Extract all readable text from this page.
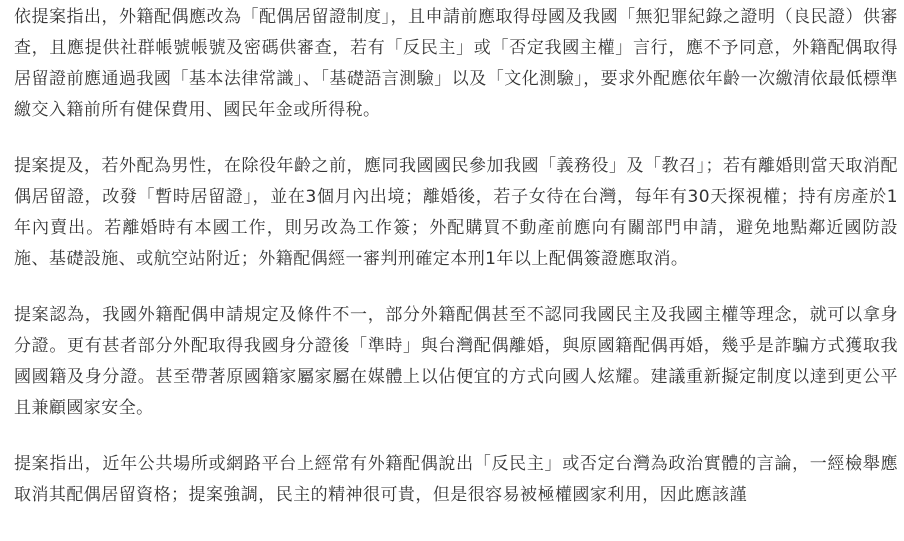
依提案指出，外籍配偶應改為「配偶居留證制度」，且申請前應取得母國及我國「無犯罪紀錄之證明（良民證）供審查，且應提供社群帳號帳號及密碼供審查，若有「反民主」或「否定我國主權」言行，應不予同意，外籍配偶取得居留證前應通過我國「基本法律常識」、「基礎語言測驗」以及「文化測驗」，要求外配應依年齡一次繳清依最低標準繳交入籍前所有健保費用、國民年金或所得稅。

提案提及，若外配為男性，在除役年齡之前，應同我國國民參加我國「義務役」及「教召」；若有離婚則當天取消配偶居留證，改發「暫時居留證」，並在3個月內出境；離婚後，若子女待在台灣，每年有30天探視權；持有房產於1年內賣出。若離婚時有本國工作，則另改為工作簽；外配購買不動產前應向有關部門申請，避免地點鄰近國防設施、基礎設施、或航空站附近；外籍配偶經一審判刑確定本刑1年以上配偶簽證應取消。

提案認為，我國外籍配偶申請規定及條件不一，部分外籍配偶甚至不認同我國民主及我國主權等理念，就可以拿身分證。更有甚者部分外配取得我國身分證後「準時」與台灣配偶離婚，與原國籍配偶再婚，幾乎是詐騙方式獲取我國國籍及身分證。甚至帶著原國籍家屬家屬在媒體上以佔便宜的方式向國人炫耀。建議重新擬定制度以達到更公平且兼顧國家安全。

提案指出，近年公共場所或網路平台上經常有外籍配偶說出「反民主」或否定台灣為政治實體的言論，一經檢舉應取消其配偶居留資格；提案強調，民主的精神很可貴，但是很容易被極權國家利用，因此應該謹
